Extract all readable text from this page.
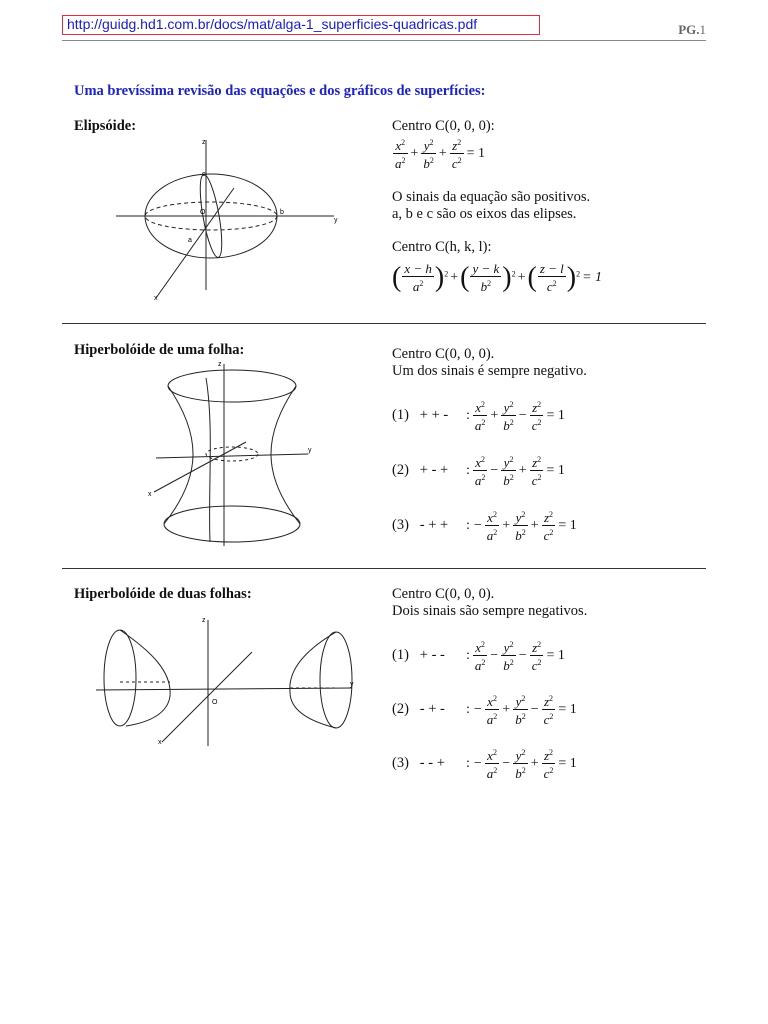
http://guidg.hd1.com.br/docs/mat/alga-1_superficies-quadricas.pdf	PG.1
Uma brevíssima revisão das equações e dos gráficos de superfícies:
Elipsóide:
z
y
x
O	b
c
a
Centro C(0, 0, 0):
$\frac{x^2}{a^2} + \frac{y^2}{b^2} + \frac{z^2}{c^2} = 1$
O sinais da equação são positivos.
a, b e c são os eixos das elipses.
Centro C(h, k, l):
( $\frac{x - h}{a^2} )^2$ +( $\frac{y - k}{b^2} )^2$ +( $\frac{z - l}{c^2} )^2 = 1$
Hiperbolóide de uma folha:
z
y
x
Centro C(0, 0, 0).
Um dos sinais é sempre negativo.
(1)   + + - : $\frac{x^2}{a^2} + \frac{y^2}{b^2} - \frac{z^2}{c^2} = 1$
(2)   + - + : $\frac{x^2}{a^2} - \frac{y^2}{b^2} + \frac{z^2}{c^2} = 1$
(3)   - + + : − $\frac{x^2}{a^2} + \frac{y^2}{b^2} + \frac{z^2}{c^2} = 1$
Hiperbolóide de duas folhas:
z
y
x
O
Centro C(0, 0, 0).
Dois sinais são sempre negativos.
(1)   + - - : $\frac{x^2}{a^2} - \frac{y^2}{b^2} - \frac{z^2}{c^2} = 1$
(2)   - + - : − $\frac{x^2}{a^2} + \frac{y^2}{b^2} - \frac{z^2}{c^2} = 1$
(3)   - - + : − $\frac{x^2}{a^2} - \frac{y^2}{b^2} + \frac{z^2}{c^2} = 1$
